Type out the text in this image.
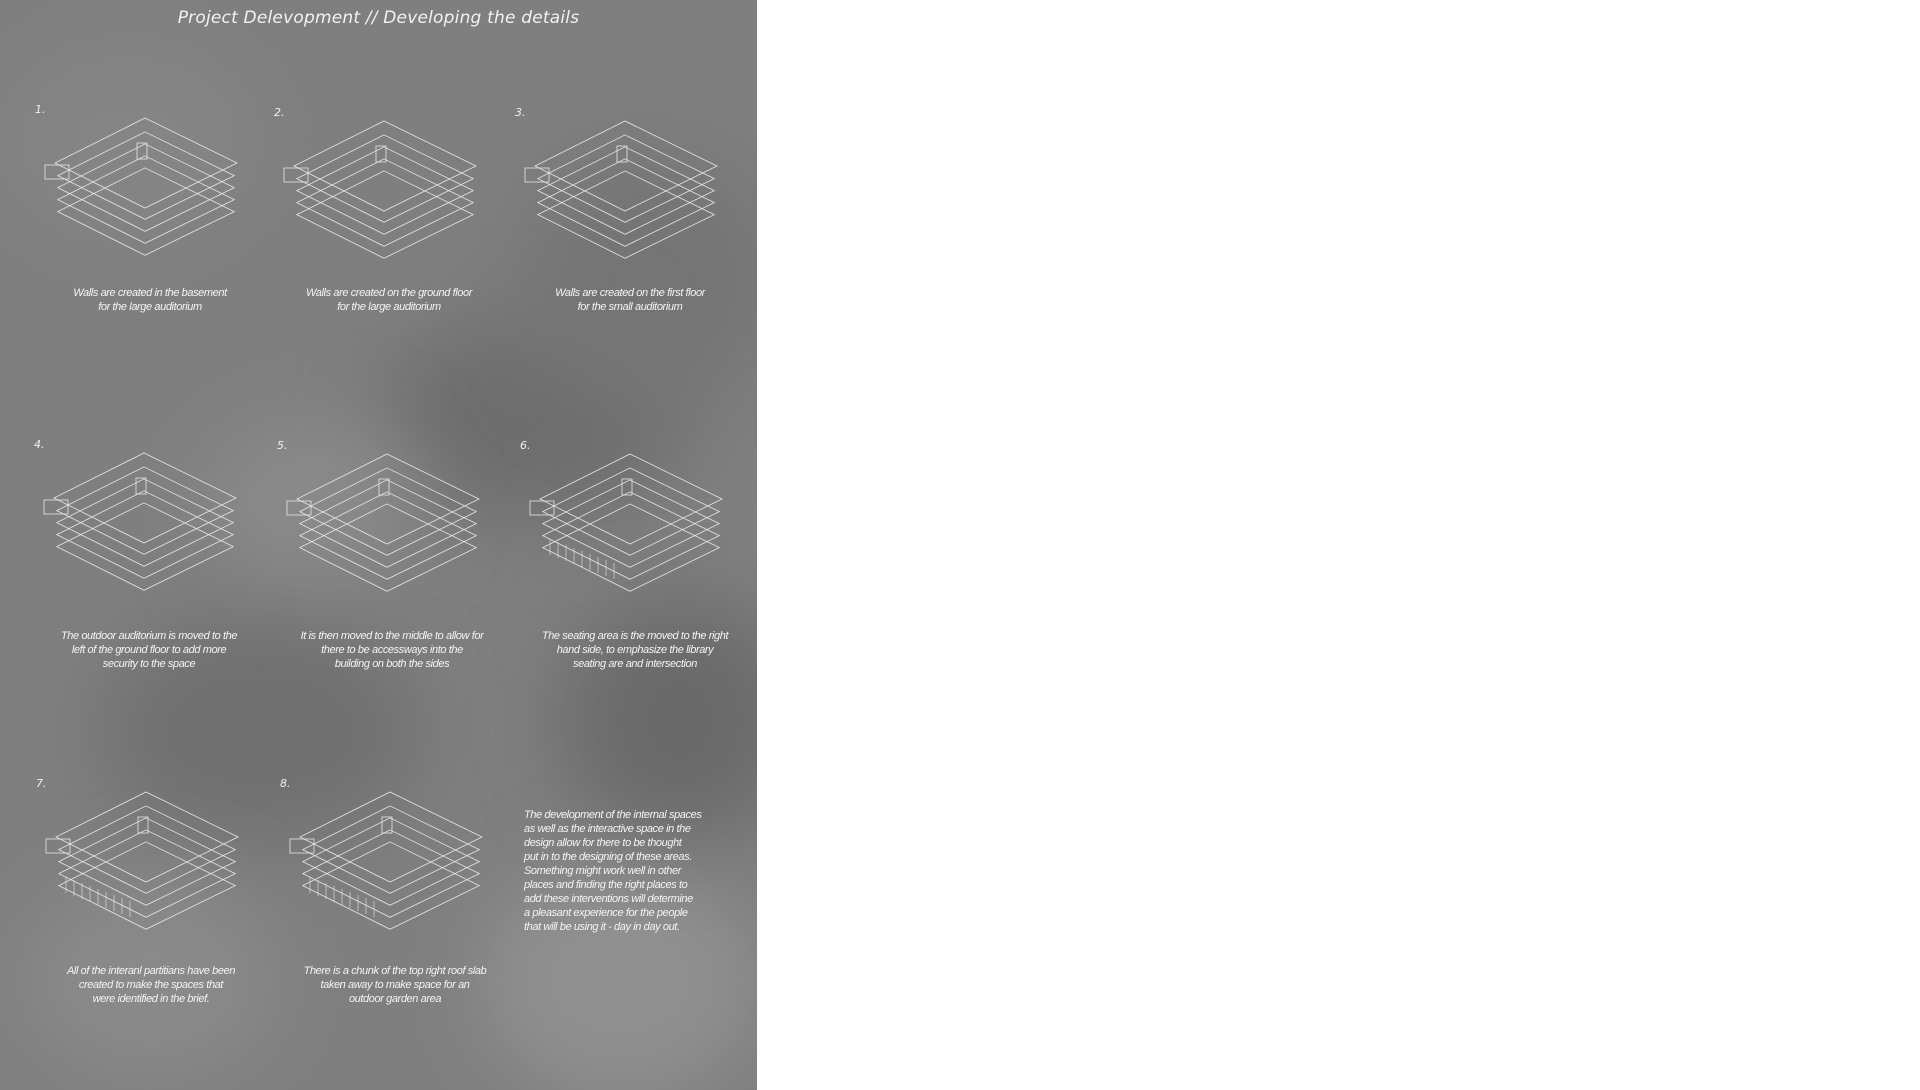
Project Delevopment // Developing the details
1.
Walls are created in the basement
for the large auditorium
2.
Walls are created on the ground floor
for the large auditorium
3.
Walls are created on the first floor
for the small auditorium
4.
The outdoor auditorium is moved to the
left of the ground floor to add more
security to the space
5.
It is then moved to the middle to allow for
there to be accessways into the
building on both the sides
6.
The seating area is the moved to the right
hand side, to emphasize the library
seating are and intersection
7.
All of the interanl partitians have been
created to make the spaces that
were identified in the brief.
8.
There is a chunk of the top right roof slab
taken away to make space for an
outdoor garden area
The development of the internal spaces
as well as the interactive space in the
design allow for there to be thought
put in to the designing of these areas.
Something might work well in other
places and finding the right places to
add these interventions will determine
a pleasant experience for the people
that will be using it - day in day out.
